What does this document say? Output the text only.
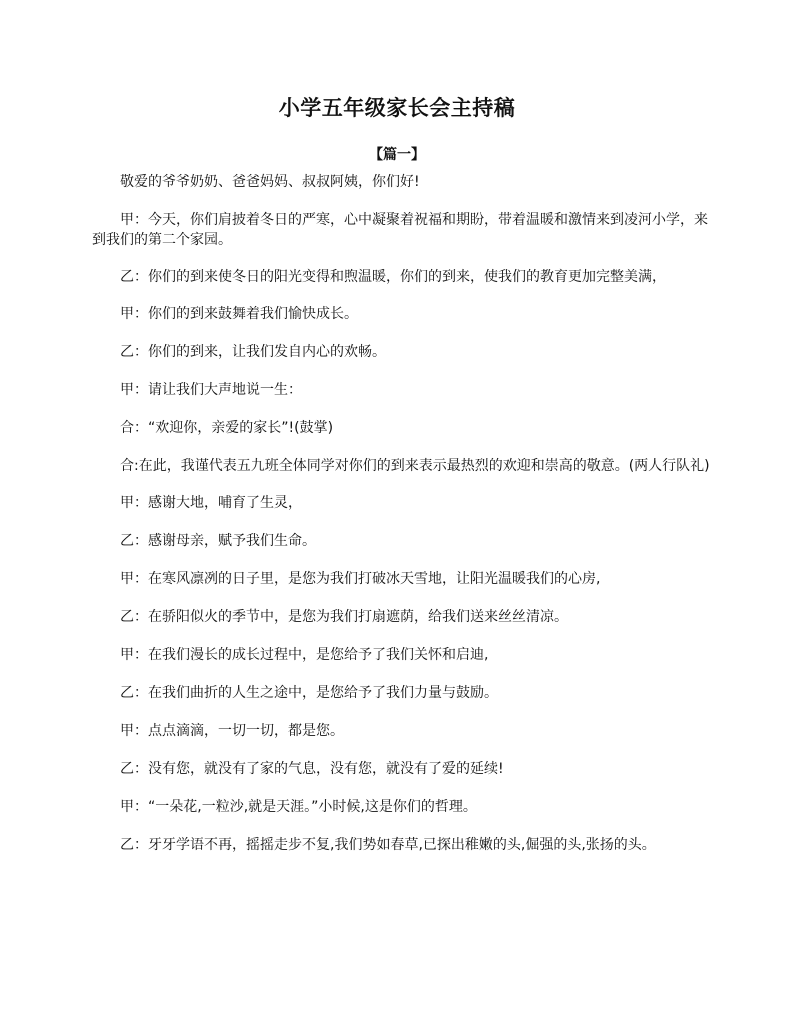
小学五年级家长会主持稿
【篇一】

敬爱的爷爷奶奶、爸爸妈妈、叔叔阿姨，你们好!

甲：今天，你们肩披着冬日的严寒，心中凝聚着祝福和期盼，带着温暖和激情来到凌河小学，来到我们的第二个家园。

乙：你们的到来使冬日的阳光变得和煦温暖，你们的到来，使我们的教育更加完整美满，

甲：你们的到来鼓舞着我们愉快成长。

乙：你们的到来，让我们发自内心的欢畅。

甲：请让我们大声地说一生：

合：“欢迎你，亲爱的家长”!(鼓掌)

合:在此，我谨代表五九班全体同学对你们的到来表示最热烈的欢迎和崇高的敬意。(两人行队礼)

甲：感谢大地，哺育了生灵，

乙：感谢母亲，赋予我们生命。

甲：在寒风凛冽的日子里，是您为我们打破冰天雪地，让阳光温暖我们的心房,

乙：在骄阳似火的季节中，是您为我们打扇遮荫，给我们送来丝丝清凉。

甲：在我们漫长的成长过程中，是您给予了我们关怀和启迪,

乙：在我们曲折的人生之途中，是您给予了我们力量与鼓励。

甲：点点滴滴，一切一切，都是您。

乙：没有您，就没有了家的气息，没有您，就没有了爱的延续!

甲：“一朵花,一粒沙,就是天涯。”小时候,这是你们的哲理。

乙：牙牙学语不再，摇摇走步不复,我们势如春草,已探出稚嫩的头,倔强的头,张扬的头。
